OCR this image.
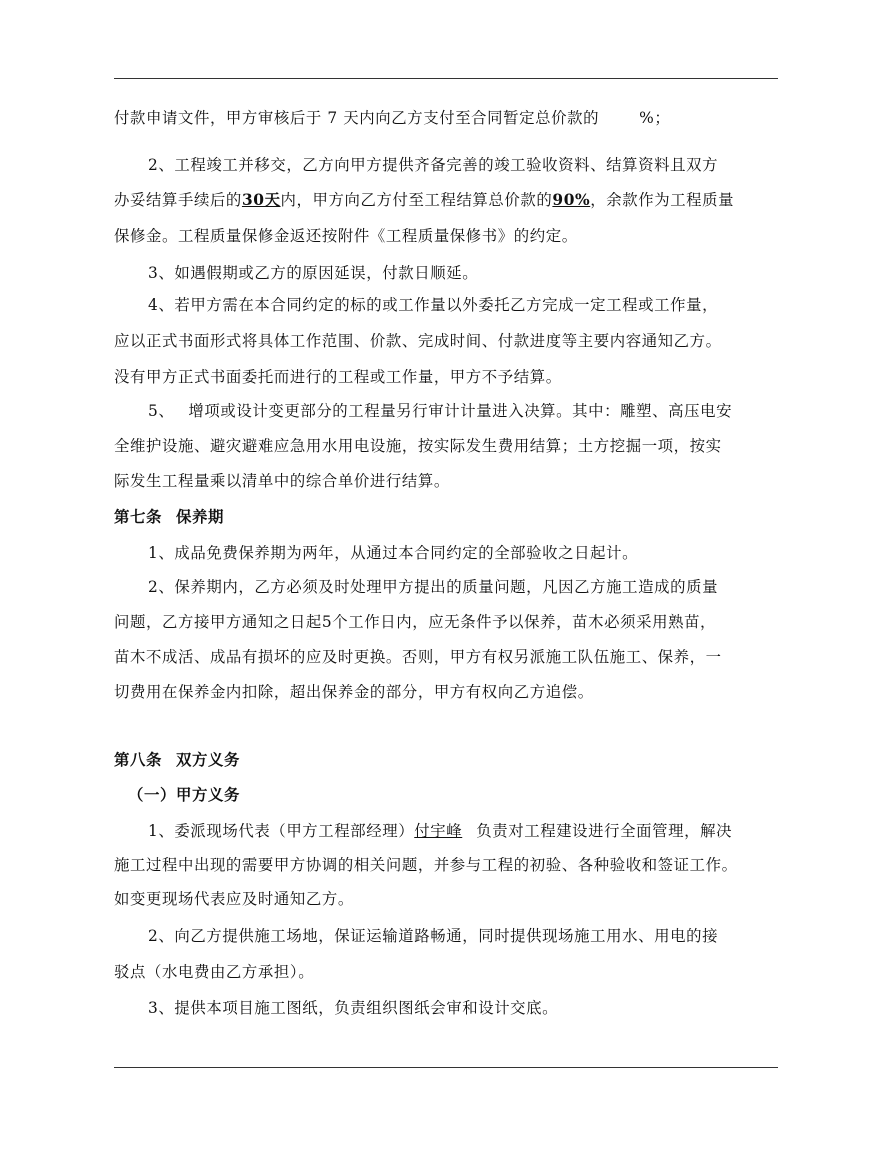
付款申请文件，甲方审核后于 7 天内向乙方支付至合同暂定总价款的	%；
2、工程竣工并移交，乙方向甲方提供齐备完善的竣工验收资料、结算资料且双方
办妥结算手续后的30天内，甲方向乙方付至工程结算总价款的90%，余款作为工程质量
保修金。工程质量保修金返还按附件《工程质量保修书》的约定。
3、如遇假期或乙方的原因延误，付款日顺延。
4、若甲方需在本合同约定的标的或工作量以外委托乙方完成一定工程或工作量，
应以正式书面形式将具体工作范围、价款、完成时间、付款进度等主要内容通知乙方。
没有甲方正式书面委托而进行的工程或工作量，甲方不予结算。
5、 增项或设计变更部分的工程量另行审计计量进入决算。其中：雕塑、高压电安
全维护设施、避灾避难应急用水用电设施，按实际发生费用结算；土方挖掘一项，按实
际发生工程量乘以清单中的综合单价进行结算。
第七条 保养期
1、成品免费保养期为两年，从通过本合同约定的全部验收之日起计。
2、保养期内，乙方必须及时处理甲方提出的质量问题，凡因乙方施工造成的质量
问题，乙方接甲方通知之日起5个工作日内，应无条件予以保养，苗木必须采用熟苗，
苗木不成活、成品有损坏的应及时更换。否则，甲方有权另派施工队伍施工、保养，一
切费用在保养金内扣除，超出保养金的部分，甲方有权向乙方追偿。
第八条 双方义务
（一）甲方义务
1、委派现场代表（甲方工程部经理）付宇峰 负责对工程建设进行全面管理，解决
施工过程中出现的需要甲方协调的相关问题，并参与工程的初验、各种验收和签证工作。
如变更现场代表应及时通知乙方。
2、向乙方提供施工场地，保证运输道路畅通，同时提供现场施工用水、用电的接
驳点（水电费由乙方承担）。
3、提供本项目施工图纸，负责组织图纸会审和设计交底。
